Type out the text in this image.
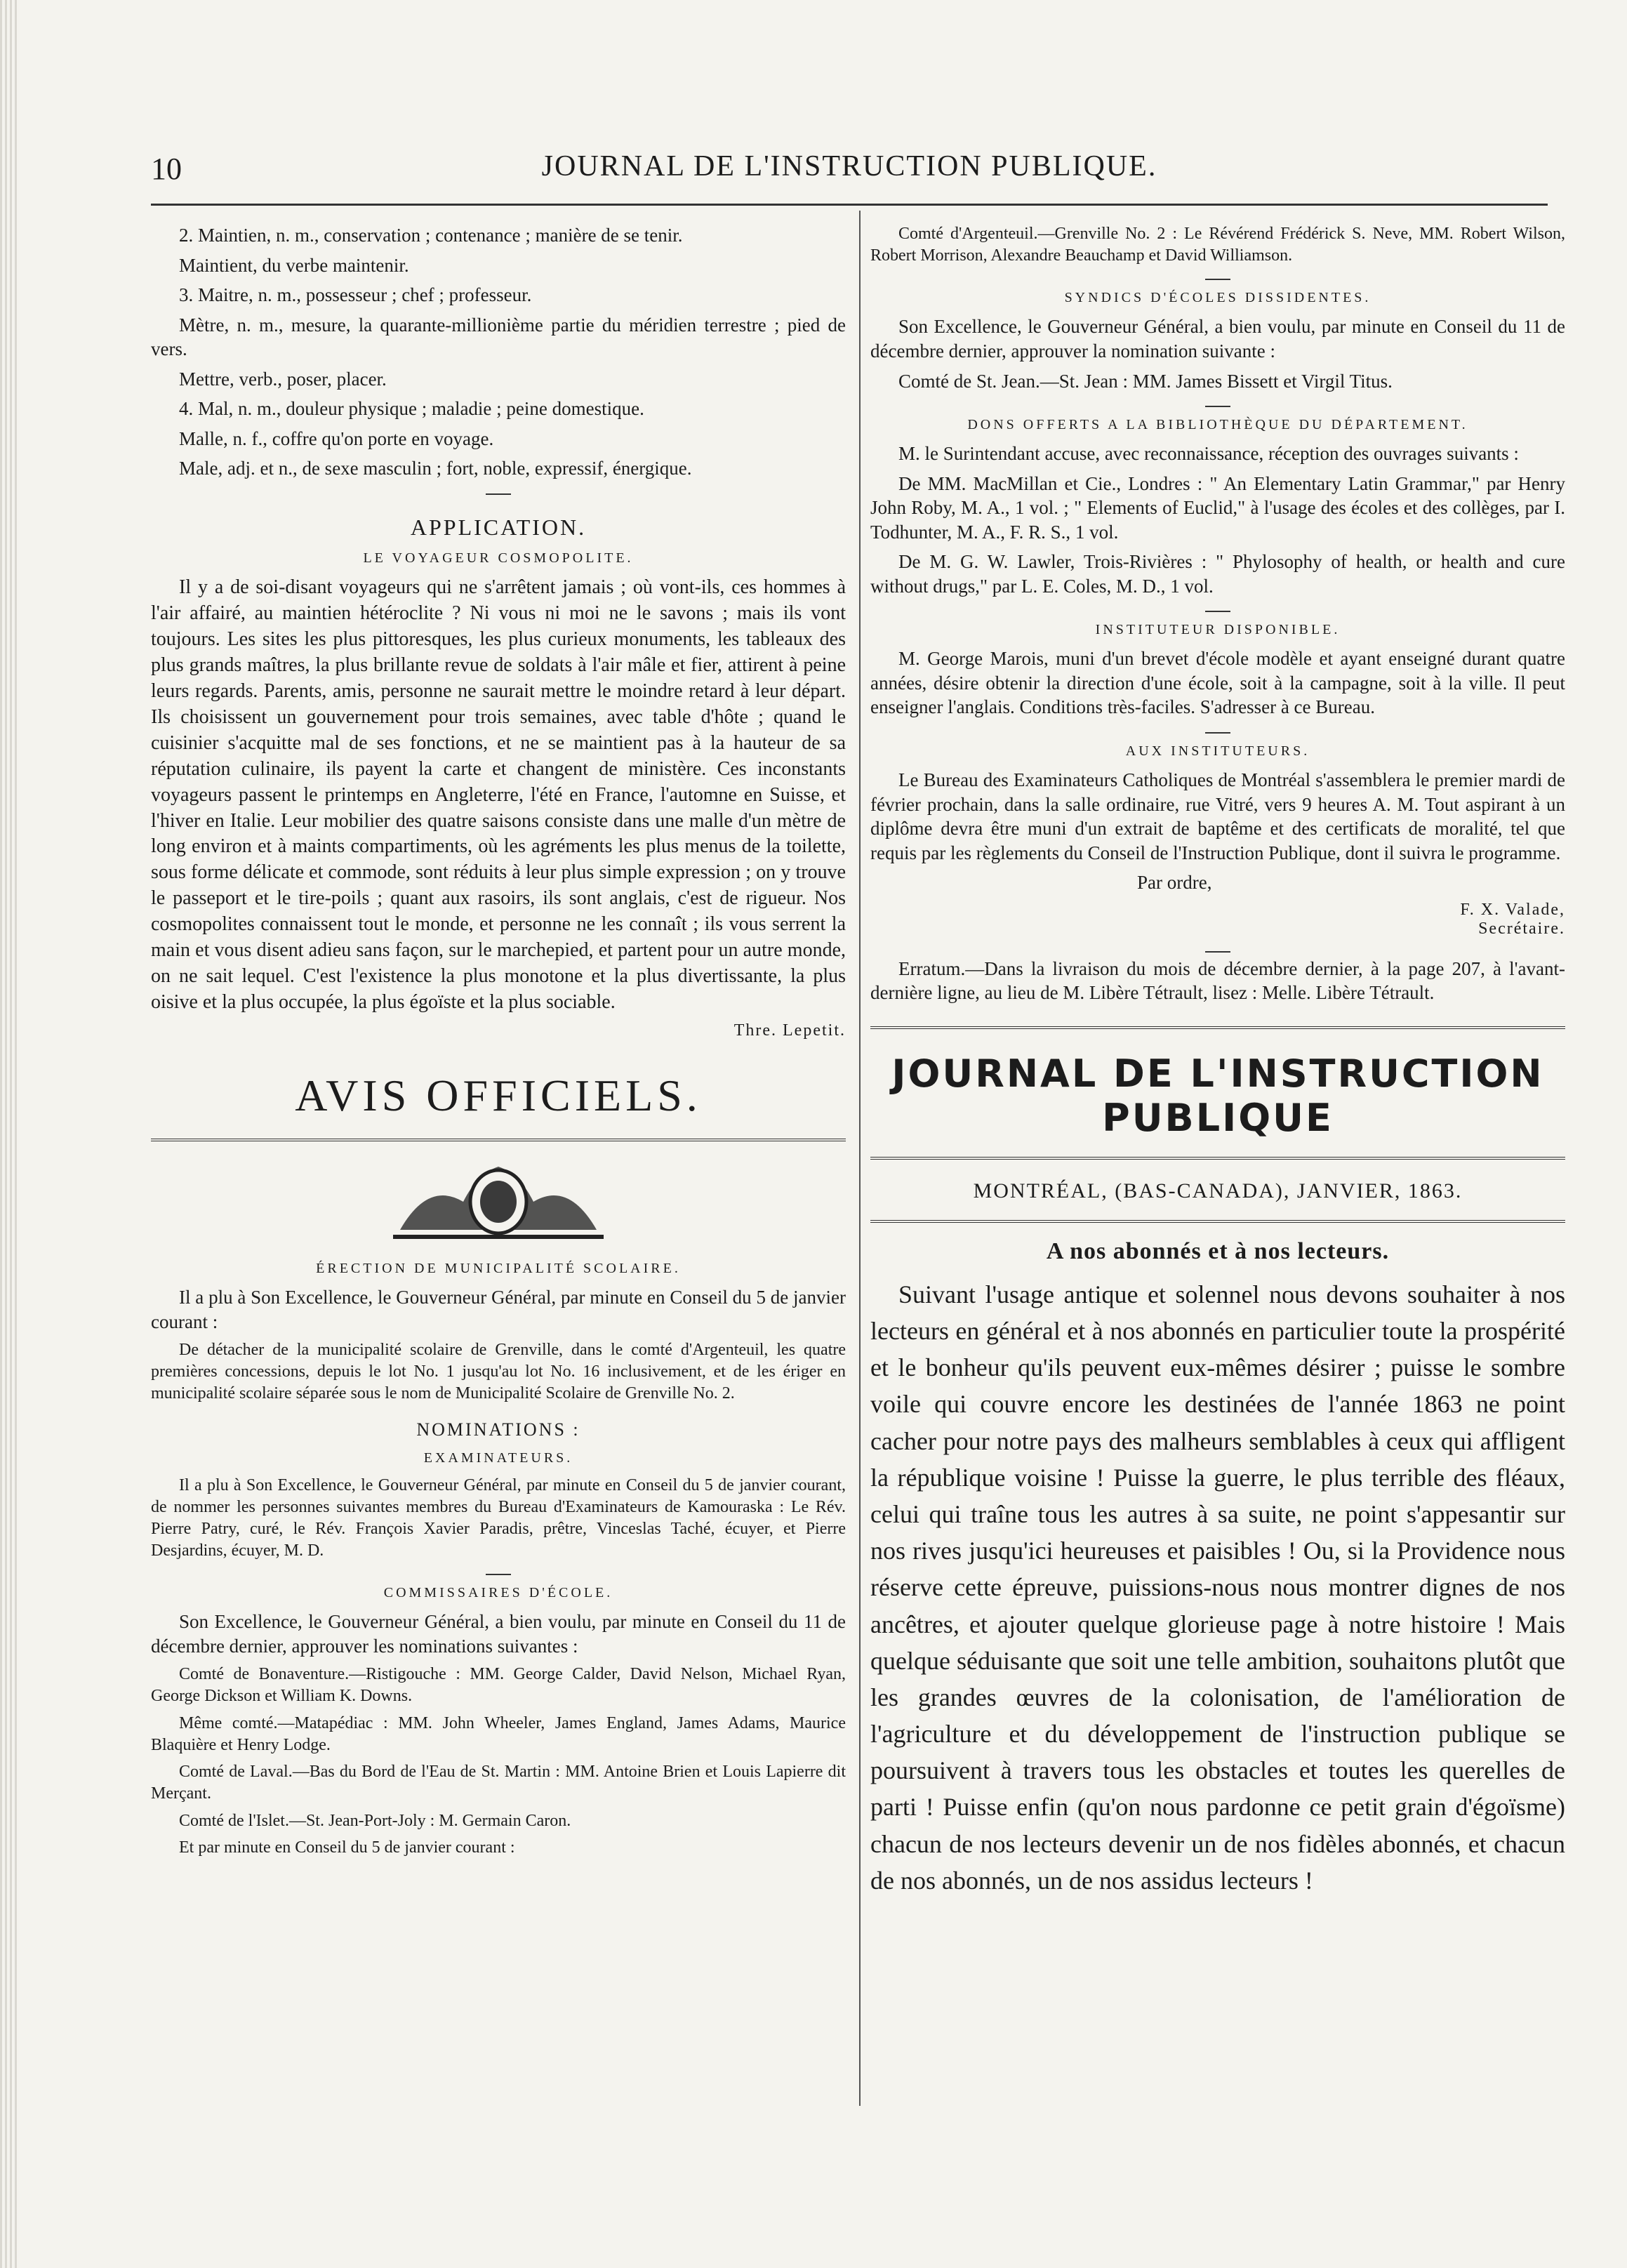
10	JOURNAL DE L'INSTRUCTION PUBLIQUE.

2. Maintien, n. m., conservation ; contenance ; manière de se tenir.

Maintient, du verbe maintenir.

3. Maitre, n. m., possesseur ; chef ; professeur.

Mètre, n. m., mesure, la quarante-millionième partie du méridien terrestre ; pied de vers.

Mettre, verb., poser, placer.

4. Mal, n. m., douleur physique ; maladie ; peine domestique.

Malle, n. f., coffre qu'on porte en voyage.

Male, adj. et n., de sexe masculin ; fort, noble, expressif, énergique.

APPLICATION.
LE VOYAGEUR COSMOPOLITE.

Il y a de soi-disant voyageurs qui ne s'arrêtent jamais ; où vont-ils, ces hommes à l'air affairé, au maintien hétéroclite ? Ni vous ni moi ne le savons ; mais ils vont toujours. Les sites les plus pittoresques, les plus curieux monuments, les tableaux des plus grands maîtres, la plus brillante revue de soldats à l'air mâle et fier, attirent à peine leurs regards. Parents, amis, personne ne saurait mettre le moindre retard à leur départ. Ils choisissent un gouvernement pour trois semaines, avec table d'hôte ; quand le cuisinier s'acquitte mal de ses fonctions, et ne se maintient pas à la hauteur de sa réputation culinaire, ils payent la carte et changent de ministère. Ces inconstants voyageurs passent le printemps en Angleterre, l'été en France, l'automne en Suisse, et l'hiver en Italie. Leur mobilier des quatre saisons consiste dans une malle d'un mètre de long environ et à maints compartiments, où les agréments les plus menus de la toilette, sous forme délicate et commode, sont réduits à leur plus simple expression ; on y trouve le passeport et le tire-poils ; quant aux rasoirs, ils sont anglais, c'est de rigueur. Nos cosmopolites connaissent tout le monde, et personne ne les connaît ; ils vous serrent la main et vous disent adieu sans façon, sur le marchepied, et partent pour un autre monde, on ne sait lequel. C'est l'existence la plus monotone et la plus divertissante, la plus oisive et la plus occupée, la plus égoïste et la plus sociable.

Thre. Lepetit.
AVIS OFFICIELS.
ÉRECTION DE MUNICIPALITÉ SCOLAIRE.

Il a plu à Son Excellence, le Gouverneur Général, par minute en Conseil du 5 de janvier courant :

De détacher de la municipalité scolaire de Grenville, dans le comté d'Argenteuil, les quatre premières concessions, depuis le lot No. 1 jusqu'au lot No. 16 inclusivement, et de les ériger en municipalité scolaire séparée sous le nom de Municipalité Scolaire de Grenville No. 2.

NOMINATIONS :
EXAMINATEURS.

Il a plu à Son Excellence, le Gouverneur Général, par minute en Conseil du 5 de janvier courant, de nommer les personnes suivantes membres du Bureau d'Examinateurs de Kamouraska : Le Rév. Pierre Patry, curé, le Rév. François Xavier Paradis, prêtre, Vinceslas Taché, écuyer, et Pierre Desjardins, écuyer, M. D.

COMMISSAIRES D'ÉCOLE.

Son Excellence, le Gouverneur Général, a bien voulu, par minute en Conseil du 11 de décembre dernier, approuver les nominations suivantes :

Comté de Bonaventure.—Ristigouche : MM. George Calder, David Nelson, Michael Ryan, George Dickson et William K. Downs.

Même comté.—Matapédiac : MM. John Wheeler, James England, James Adams, Maurice Blaquière et Henry Lodge.

Comté de Laval.—Bas du Bord de l'Eau de St. Martin : MM. Antoine Brien et Louis Lapierre dit Merçant.

Comté de l'Islet.—St. Jean-Port-Joly : M. Germain Caron.

Et par minute en Conseil du 5 de janvier courant :

Comté d'Argenteuil.—Grenville No. 2 : Le Révérend Frédérick S. Neve, MM. Robert Wilson, Robert Morrison, Alexandre Beauchamp et David Williamson.

SYNDICS D'ÉCOLES DISSIDENTES.

Son Excellence, le Gouverneur Général, a bien voulu, par minute en Conseil du 11 de décembre dernier, approuver la nomination suivante :

Comté de St. Jean.—St. Jean : MM. James Bissett et Virgil Titus.

DONS OFFERTS A LA BIBLIOTHÈQUE DU DÉPARTEMENT.

M. le Surintendant accuse, avec reconnaissance, réception des ouvrages suivants :

De MM. MacMillan et Cie., Londres : " An Elementary Latin Grammar," par Henry John Roby, M. A., 1 vol. ; " Elements of Euclid," à l'usage des écoles et des collèges, par I. Todhunter, M. A., F. R. S., 1 vol.

De M. G. W. Lawler, Trois-Rivières : " Phylosophy of health, or health and cure without drugs," par L. E. Coles, M. D., 1 vol.

INSTITUTEUR DISPONIBLE.

M. George Marois, muni d'un brevet d'école modèle et ayant enseigné durant quatre années, désire obtenir la direction d'une école, soit à la campagne, soit à la ville. Il peut enseigner l'anglais. Conditions très-faciles. S'adresser à ce Bureau.

AUX INSTITUTEURS.

Le Bureau des Examinateurs Catholiques de Montréal s'assemblera le premier mardi de février prochain, dans la salle ordinaire, rue Vitré, vers 9 heures A. M. Tout aspirant à un diplôme devra être muni d'un extrait de baptême et des certificats de moralité, tel que requis par les règlements du Conseil de l'Instruction Publique, dont il suivra le programme.

Par ordre,

F. X. Valade,
Secrétaire.

Erratum.—Dans la livraison du mois de décembre dernier, à la page 207, à l'avant-dernière ligne, au lieu de M. Libère Tétrault, lisez : Melle. Libère Tétrault.

JOURNAL DE L'INSTRUCTION PUBLIQUE
MONTRÉAL, (BAS-CANADA), JANVIER, 1863.
A nos abonnés et à nos lecteurs.

Suivant l'usage antique et solennel nous devons souhaiter à nos lecteurs en général et à nos abonnés en particulier toute la prospérité et le bonheur qu'ils peuvent eux-mêmes désirer ; puisse le sombre voile qui couvre encore les destinées de l'année 1863 ne point cacher pour notre pays des malheurs semblables à ceux qui affligent la république voisine ! Puisse la guerre, le plus terrible des fléaux, celui qui traîne tous les autres à sa suite, ne point s'appesantir sur nos rives jusqu'ici heureuses et paisibles ! Ou, si la Providence nous réserve cette épreuve, puissions-nous nous montrer dignes de nos ancêtres, et ajouter quelque glorieuse page à notre histoire ! Mais quelque séduisante que soit une telle ambition, souhaitons plutôt que les grandes œuvres de la colonisation, de l'amélioration de l'agriculture et du développement de l'instruction publique se poursuivent à travers tous les obstacles et toutes les querelles de parti ! Puisse enfin (qu'on nous pardonne ce petit grain d'égoïsme) chacun de nos lecteurs devenir un de nos fidèles abonnés, et chacun de nos abonnés, un de nos assidus lecteurs !
